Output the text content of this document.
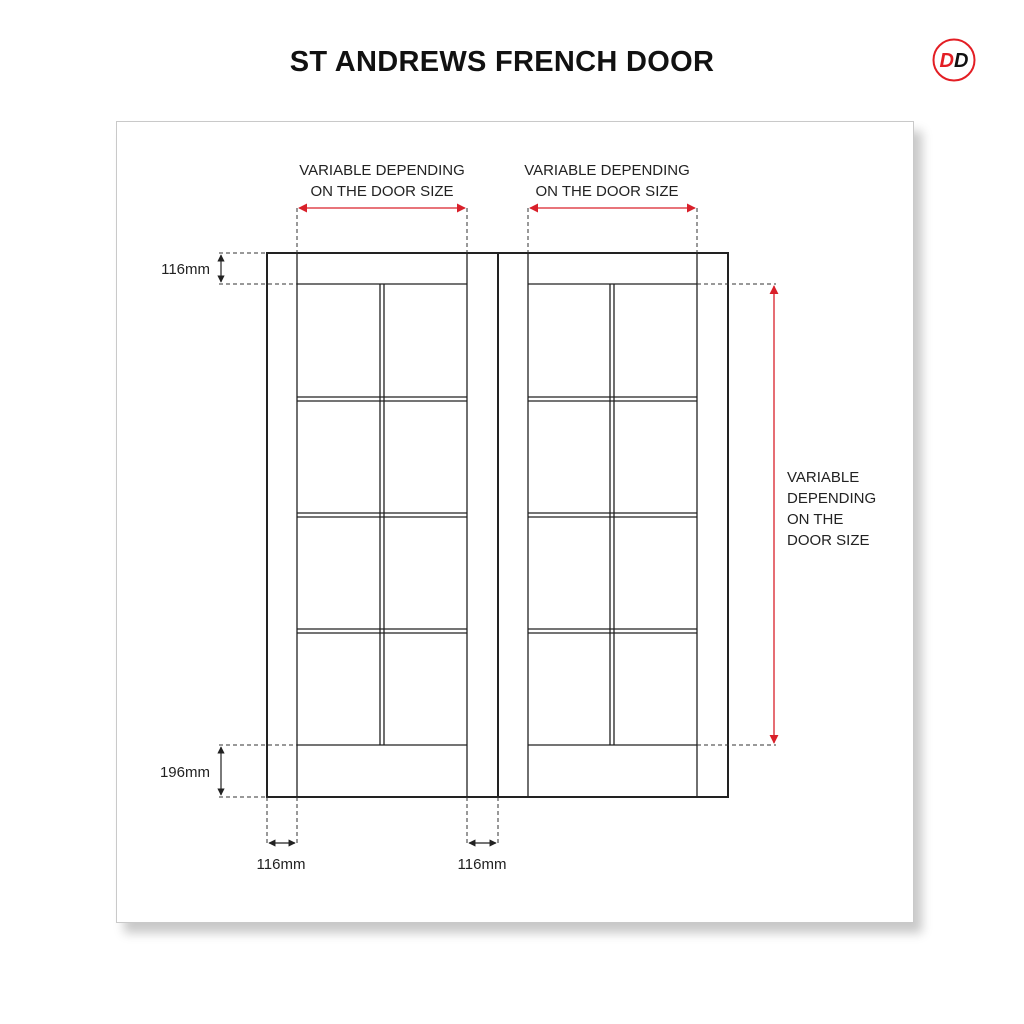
ST ANDREWS FRENCH DOOR	DD
VARIABLE DEPENDING
ON THE DOOR SIZE
VARIABLE DEPENDING
ON THE DOOR SIZE
VARIABLE
DEPENDING
ON THE
DOOR SIZE
116mm
196mm
116mm	116mm
